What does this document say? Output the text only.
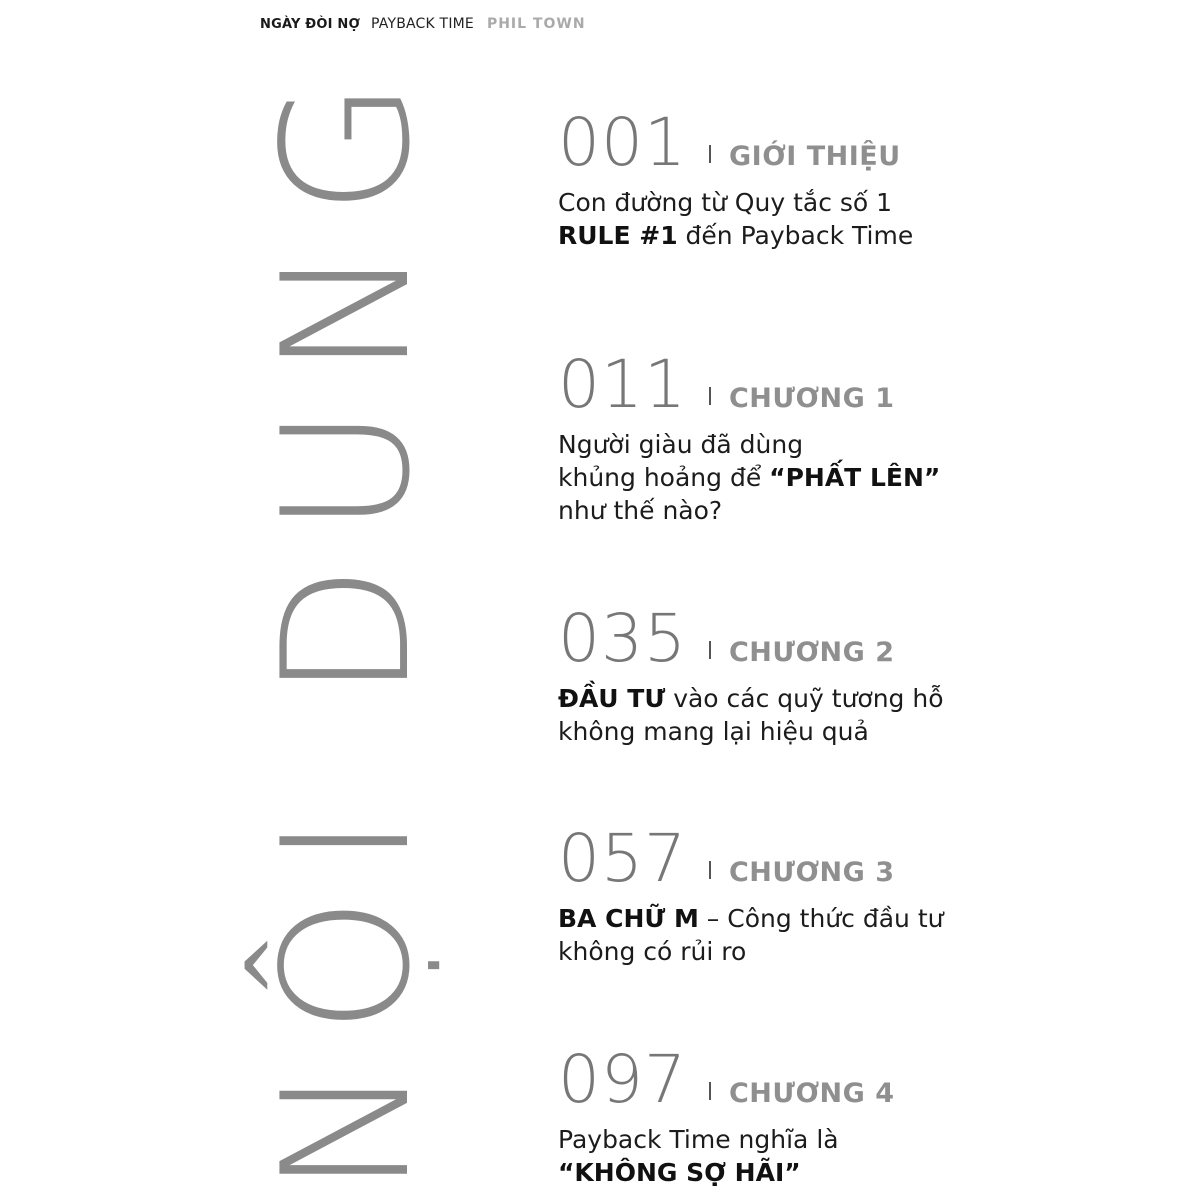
NGÀY ĐÒI NỢ PAYBACK TIME PHIL TOWN
NỘI DUNG 001 GIỚI THIỆU
Con đường từ Quy tắc số 1
RULE #1 đến Payback Time
011 CHƯƠNG 1
Người giàu đã dùng
khủng hoảng để “PHẤT LÊN”
như thế nào?
035 CHƯƠNG 2
ĐẦU TƯ vào các quỹ tương hỗ
không mang lại hiệu quả
057 CHƯƠNG 3
BA CHỮ M – Công thức đầu tư
không có rủi ro
097 CHƯƠNG 4
Payback Time nghĩa là
“KHÔNG SỢ HÃI”
